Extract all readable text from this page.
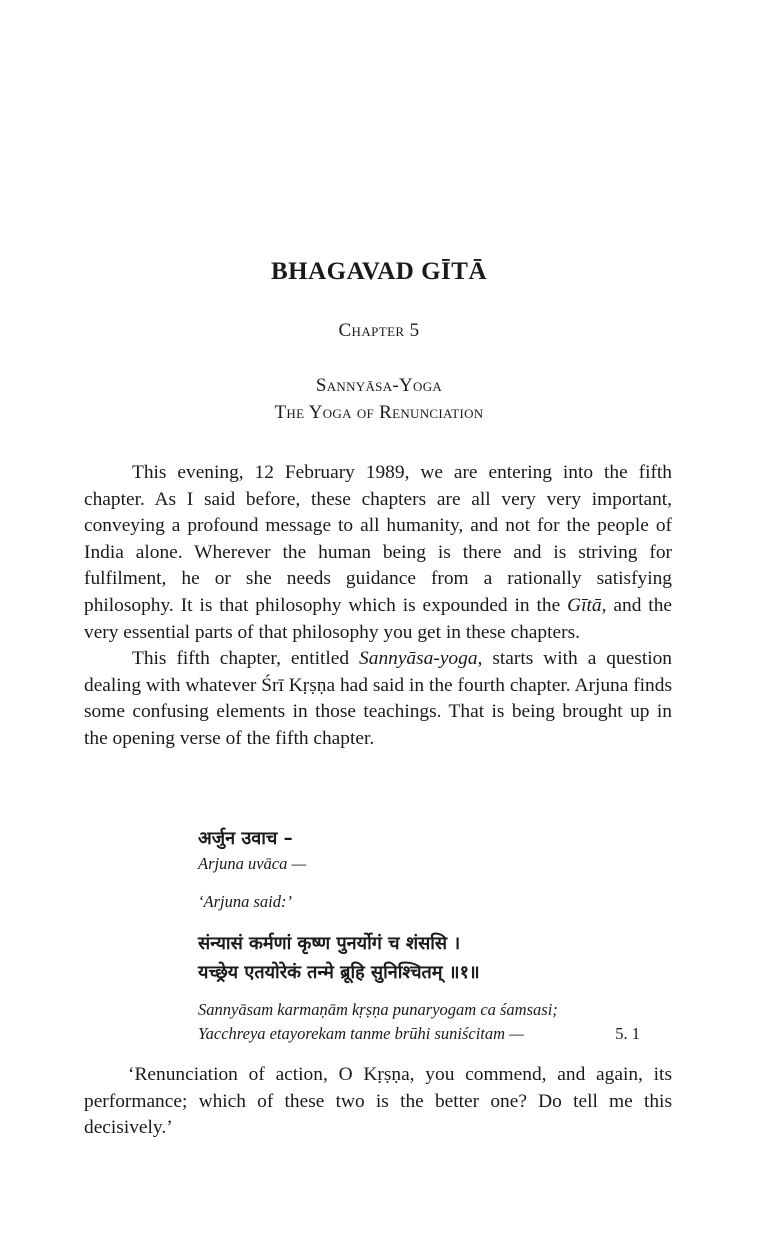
BHAGAVAD GĪTĀ
Chapter 5
Sannyāsa-Yoga
The Yoga of Renunciation

This evening, 12 February 1989, we are entering into the fifth chapter. As I said before, these chapters are all very very important, conveying a profound message to all humanity, and not for the people of India alone. Wherever the human being is there and is striving for fulfilment, he or she needs guidance from a rationally satisfying philosophy. It is that philosophy which is expounded in the Gītā, and the very essential parts of that philosophy you get in these chapters.

This fifth chapter, entitled Sannyāsa-yoga, starts with a question dealing with whatever Śrī Kṛṣṇa had said in the fourth chapter. Arjuna finds some confusing elements in those teachings. That is being brought up in the opening verse of the fifth chapter.

अर्जुन उवाच –
Arjuna uvāca —
‘Arjuna said:’
संन्यासं कर्मणां कृष्ण पुनर्योगं च शंससि ।
यच्छ्रेय एतयोरेकं तन्मे ब्रूहि सुनिश्चितम् ॥१॥
Sannyāsam karmaṇām kṛṣṇa punaryogam ca śamsasi;
Yacchreya etayorekam tanme brūhi suniścitam —	5. 1

‘Renunciation of action, O Kṛṣṇa, you commend, and again, its performance; which of these two is the better one? Do tell me this decisively.’
